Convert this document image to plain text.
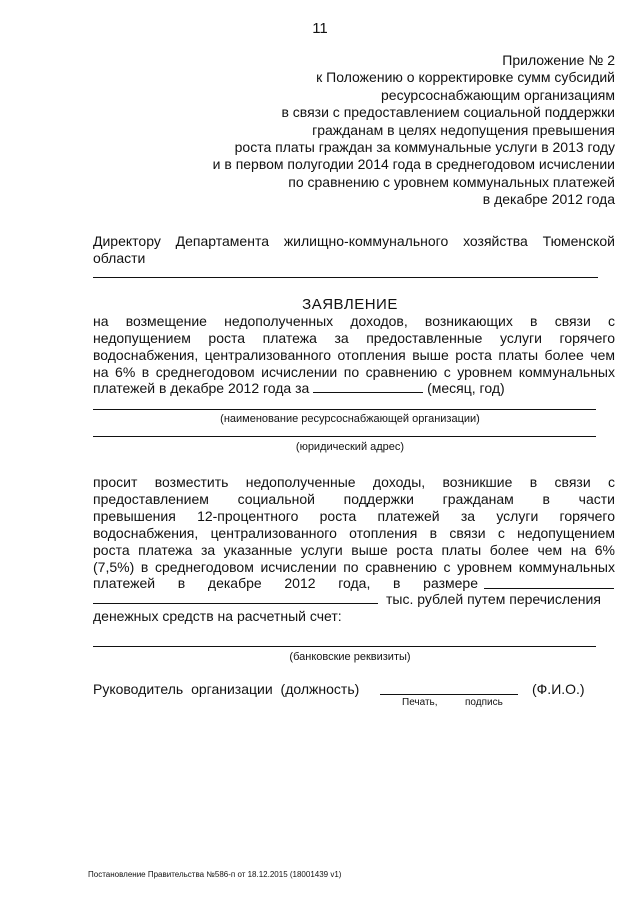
11
Приложение № 2
к Положению о корректировке сумм субсидий
ресурсоснабжающим организациям
в связи с предоставлением социальной поддержки
гражданам в целях недопущения превышения
роста платы граждан за коммунальные услуги в 2013 году
и в первом полугодии 2014 года в среднегодовом исчислении
по сравнению с уровнем коммунальных платежей
в декабре 2012 года
Директору Департамента жилищно-коммунального хозяйства Тюменской области
ЗАЯВЛЕНИЕ
на возмещение недополученных доходов, возникающих в связи с
недопущением роста платежа за предоставленные услуги горячего
водоснабжения, централизованного отопления выше роста платы более чем
на 6% в среднегодовом исчислении по сравнению с уровнем коммунальных
платежей в декабре 2012 года за	(месяц, год)
(наименование ресурсоснабжающей организации)
(юридический адрес)
просит возместить недополученные доходы, возникшие в связи с
предоставлением социальной поддержки гражданам в части
превышения 12-процентного роста платежей за услуги горячего
водоснабжения, централизованного отопления в связи с недопущением
роста платежа за указанные услуги выше роста платы более чем на 6%
(7,5%) в среднегодовом исчислении по сравнению с уровнем коммунальных
платежей в декабре 2012 года, в размере
тыс. рублей путем перечисления
денежных средств на расчетный счет:
(банковские реквизиты)
Руководитель организации (должность)	(Ф.И.О.)
Печать,	подпись
Постановление Правительства №586-п от 18.12.2015 (18001439 v1)
